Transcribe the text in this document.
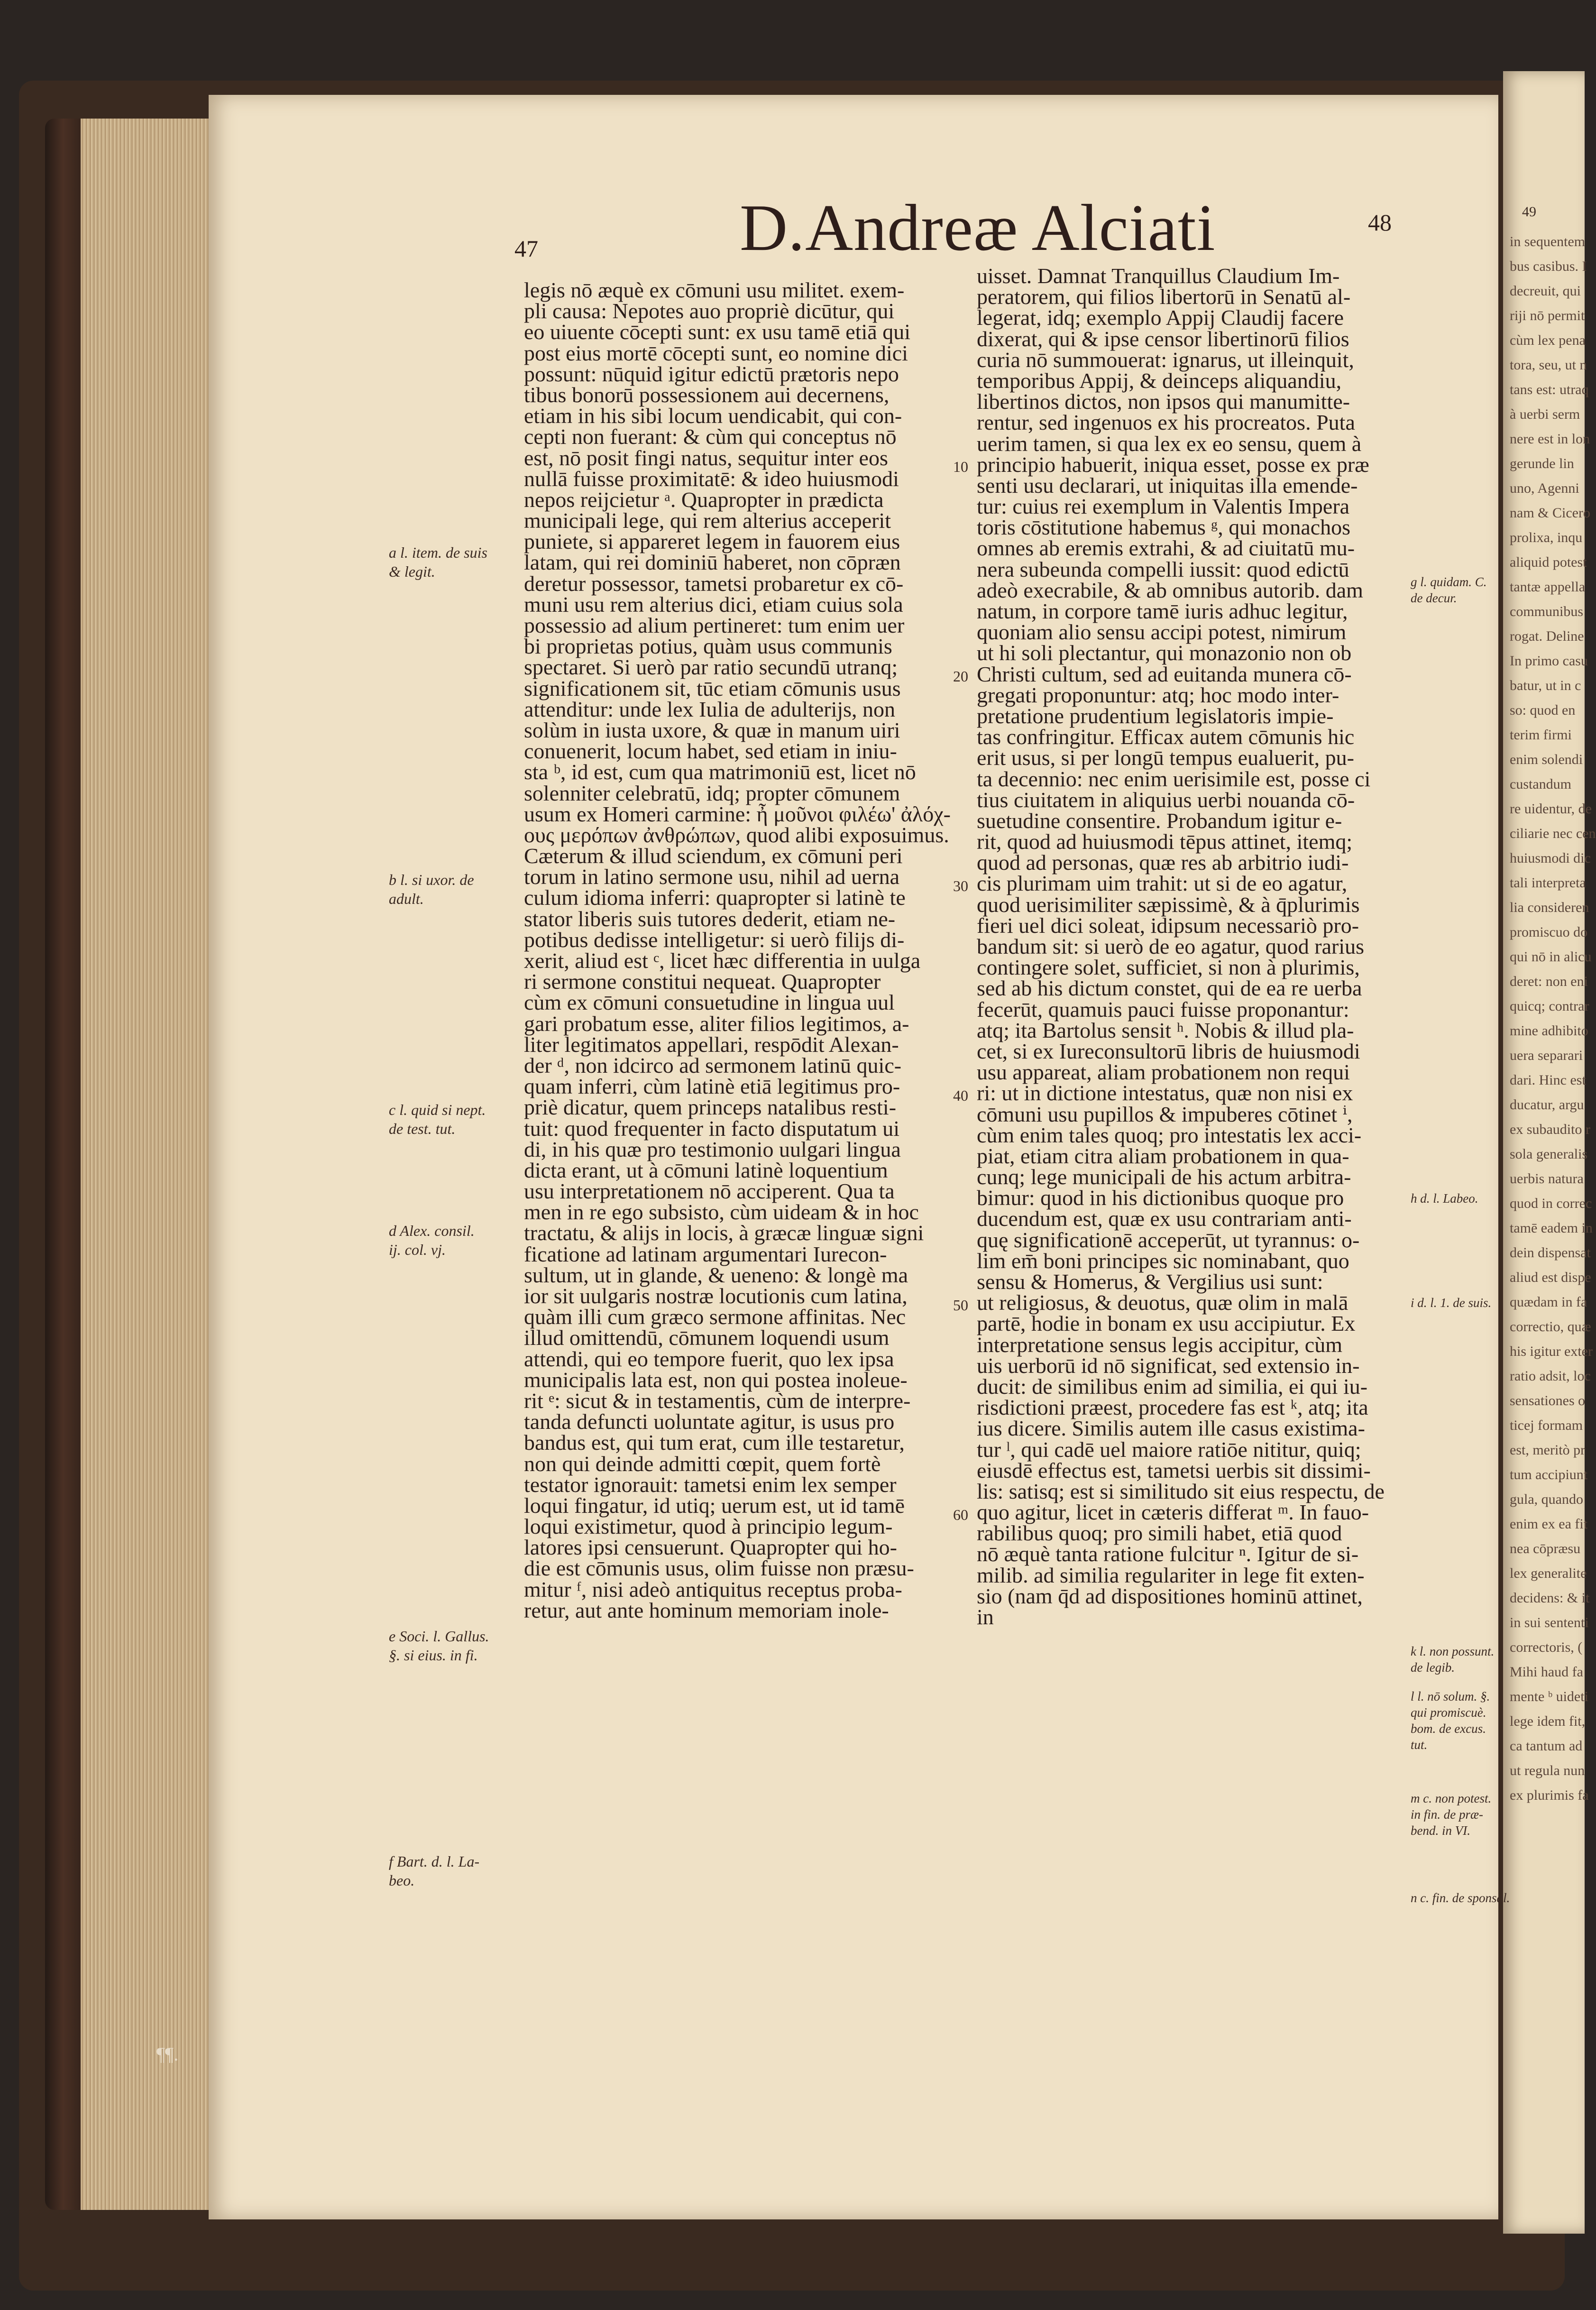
49
in sequentem
bus casibus. I
decreuit, qui
riji nō permit
cùm lex pena
tora, seu, ut n
tans est: utraq
à uerbi serm
nere est in lon
gerunde lin
uno, Agenni
nam & Cicero
prolixa, inqu
aliquid potest
tantæ appella
communibus
rogat. Deline
In primo casu
batur, ut in c
so: quod en
terim firmi
enim solendi
custandum
re uidentur, de
ciliarie nec cen
huiusmodi dic
tali interpreta
lia consideren
promiscuo do
qui nō in alicu
deret: non eni
quicq; contrar
mine adhibito
uera separari
dari. Hinc est
ducatur, argu
ex subaudito r
sola generalis
uerbis natura
quod in correc
tamē eadem in
dein dispensat
aliud est dispe
quædam in fa
correctio, quæ
his igitur exter
ratio adsit, loc
sensationes o
ticej formam
est, meritò pr
tum accipiunt
gula, quando
enim ex ea fit
nea cōpræsu
lex generalite
decidens: & it
in sui sententi
correctoris, (
Mihi haud fa
mente ᵇ uideti
lege idem fit,
ca tantum ad
ut regula nun
ex plurimis fa
47	D.Andreæ Alciati	48
legis nō æquè ex cōmuni usu militet. exem-
pli causa: Nepotes auo propriè dicūtur, qui
eo uiuente cōcepti sunt: ex usu tamē etiā qui
post eius mortē cōcepti sunt, eo nomine dici
possunt: nūquid igitur edictū prætoris nepo
tibus bonorū possessionem aui decernens,
etiam in his sibi locum uendicabit, qui con-
cepti non fuerant: & cùm qui conceptus nō
est, nō posit fingi natus, sequitur inter eos
nullā fuisse proximitatē: & ideo huiusmodi
nepos reijcietur ᵃ. Quapropter in prædicta
municipali lege, qui rem alterius acceperit
puniete, si appareret legem in fauorem eius
latam, qui rei dominiū haberet, non cōpræn
deretur possessor, tametsi probaretur ex cō-
muni usu rem alterius dici, etiam cuius sola
possessio ad alium pertineret: tum enim uer
bi proprietas potius, quàm usus communis
spectaret. Si uerò par ratio secundū utranq;
significationem sit, tūc etiam cōmunis usus
attenditur: unde lex Iulia de adulterijs, non
solùm in iusta uxore, & quæ in manum uiri
conuenerit, locum habet, sed etiam in iniu-
sta ᵇ, id est, cum qua matrimoniū est, licet nō
solenniter celebratū, idq; propter cōmunem
usum ex Homeri carmine: ἦ μοῦνοι φιλέω' ἀλόχ-
ους μερόπων ἀνθρώπων, quod alibi exposuimus.
Cæterum & illud sciendum, ex cōmuni peri
torum in latino sermone usu, nihil ad uerna
culum idioma inferri: quapropter si latinè te
stator liberis suis tutores dederit, etiam ne-
potibus dedisse intelligetur: si uerò filijs di-
xerit, aliud est ᶜ, licet hæc differentia in uulga
ri sermone constitui nequeat. Quapropter
cùm ex cōmuni consuetudine in lingua uul
gari probatum esse, aliter filios legitimos, a-
liter legitimatos appellari, respōdit Alexan-
der ᵈ, non idcirco ad sermonem latinū quic-
quam inferri, cùm latinè etiā legitimus pro-
priè dicatur, quem princeps natalibus resti-
tuit: quod frequenter in facto disputatum ui
di, in his quæ pro testimonio uulgari lingua
dicta erant, ut à cōmuni latinè loquentium
usu interpretationem nō acciperent. Qua ta
men in re ego subsisto, cùm uideam & in hoc
tractatu, & alijs in locis, à græcæ linguæ signi
ficatione ad latinam argumentari Iurecon-
sultum, ut in glande, & ueneno: & longè ma
ior sit uulgaris nostræ locutionis cum latina,
quàm illi cum græco sermone affinitas. Nec
illud omittendū, cōmunem loquendi usum
attendi, qui eo tempore fuerit, quo lex ipsa
municipalis lata est, non qui postea inoleue-
rit ᵉ: sicut & in testamentis, cùm de interpre-
tanda defuncti uoluntate agitur, is usus pro
bandus est, qui tum erat, cum ille testaretur,
non qui deinde admitti cœpit, quem fortè
testator ignorauit: tametsi enim lex semper
loqui fingatur, id utiq; uerum est, ut id tamē
loqui existimetur, quod à principio legum-
latores ipsi censuerunt. Quapropter qui ho-
die est cōmunis usus, olim fuisse non præsu-
mitur ᶠ, nisi adeò antiquitus receptus proba-
retur, aut ante hominum memoriam inole-
uisset. Damnat Tranquillus Claudium Im-
peratorem, qui filios libertorū in Senatū al-
legerat, idq; exemplo Appij Claudij facere
dixerat, qui & ipse censor libertinorū filios
curia nō summouerat: ignarus, ut illeinquit,
temporibus Appij, & deinceps aliquandiu,
libertinos dictos, non ipsos qui manumitte-
rentur, sed ingenuos ex his procreatos. Puta
uerim tamen, si qua lex ex eo sensu, quem à
principio habuerit, iniqua esset, posse ex præ
senti usu declarari, ut iniquitas illa emende-
tur: cuius rei exemplum in Valentis Impera
toris cōstitutione habemus ᵍ, qui monachos
omnes ab eremis extrahi, & ad ciuitatū mu-
nera subeunda compelli iussit: quod edictū
adeò execrabile, & ab omnibus autorib. dam
natum, in corpore tamē iuris adhuc legitur,
quoniam alio sensu accipi potest, nimirum
ut hi soli plectantur, qui monazonio non ob
Christi cultum, sed ad euitanda munera cō-
gregati proponuntur: atq; hoc modo inter-
pretatione prudentium legislatoris impie-
tas confringitur. Efficax autem cōmunis hic
erit usus, si per longū tempus eualuerit, pu-
ta decennio: nec enim uerisimile est, posse ci
tius ciuitatem in aliquius uerbi nouanda cō-
suetudine consentire. Probandum igitur e-
rit, quod ad huiusmodi tēpus attinet, itemq;
quod ad personas, quæ res ab arbitrio iudi-
cis plurimam uim trahit: ut si de eo agatur,
quod uerisimiliter sæpissimè, & à q̄plurimis
fieri uel dici soleat, idipsum necessariò pro-
bandum sit: si uerò de eo agatur, quod rarius
contingere solet, sufficiet, si non à plurimis,
sed ab his dictum constet, qui de ea re uerba
fecerūt, quamuis pauci fuisse proponantur:
atq; ita Bartolus sensit ʰ. Nobis & illud pla-
cet, si ex Iureconsultorū libris de huiusmodi
usu appareat, aliam probationem non requi
ri: ut in dictione intestatus, quæ non nisi ex
cōmuni usu pupillos & impuberes cōtinet ⁱ,
cùm enim tales quoq; pro intestatis lex acci-
piat, etiam citra aliam probationem in qua-
cunq; lege municipali de his actum arbitra-
bimur: quod in his dictionibus quoque pro
ducendum est, quæ ex usu contrariam anti-
quę significationē acceperūt, ut tyrannus: o-
lim em̄ boni principes sic nominabant, quo
sensu & Homerus, & Vergilius usi sunt:
ut religiosus, & deuotus, quæ olim in malā
partē, hodie in bonam ex usu accipiutur. Ex
interpretatione sensus legis accipitur, cùm
uis uerborū id nō significat, sed extensio in-
ducit: de similibus enim ad similia, ei qui iu-
risdictioni præest, procedere fas est ᵏ, atq; ita
ius dicere. Similis autem ille casus existima-
tur ˡ, qui cadē uel maiore ratiōe nititur, quiq;
eiusdē effectus est, tametsi uerbis sit dissimi-
lis: satisq; est si similitudo sit eius respectu, de
quo agitur, licet in cæteris differat ᵐ. In fauo-
rabilibus quoq; pro simili habet, etiā quod
nō æquè tanta ratione fulcitur ⁿ. Igitur de si-
milib. ad similia regulariter in lege fit exten-
sio (nam q̄d ad dispositiones hominū attinet,
in
10
20
30
40
50
60
a l. item. de suis
& legit.
b l. si uxor. de
adult.
c l. quid si nept.
de test. tut.
d Alex. consil.
ij. col. vj.
e Soci. l. Gallus.
§. si eius. in fi.
f Bart. d. l. La-
beo.
g l. quidam. C.
de decur.
h d. l. Labeo.
i d. l. 1. de suis.
k l. non possunt.
de legib.
l l. nō solum. §.
qui promiscuè.
bom. de excus.
tut.
m c. non potest.
in fin. de præ-
bend. in VI.
n c. fin. de sponsal.
¶¶.
